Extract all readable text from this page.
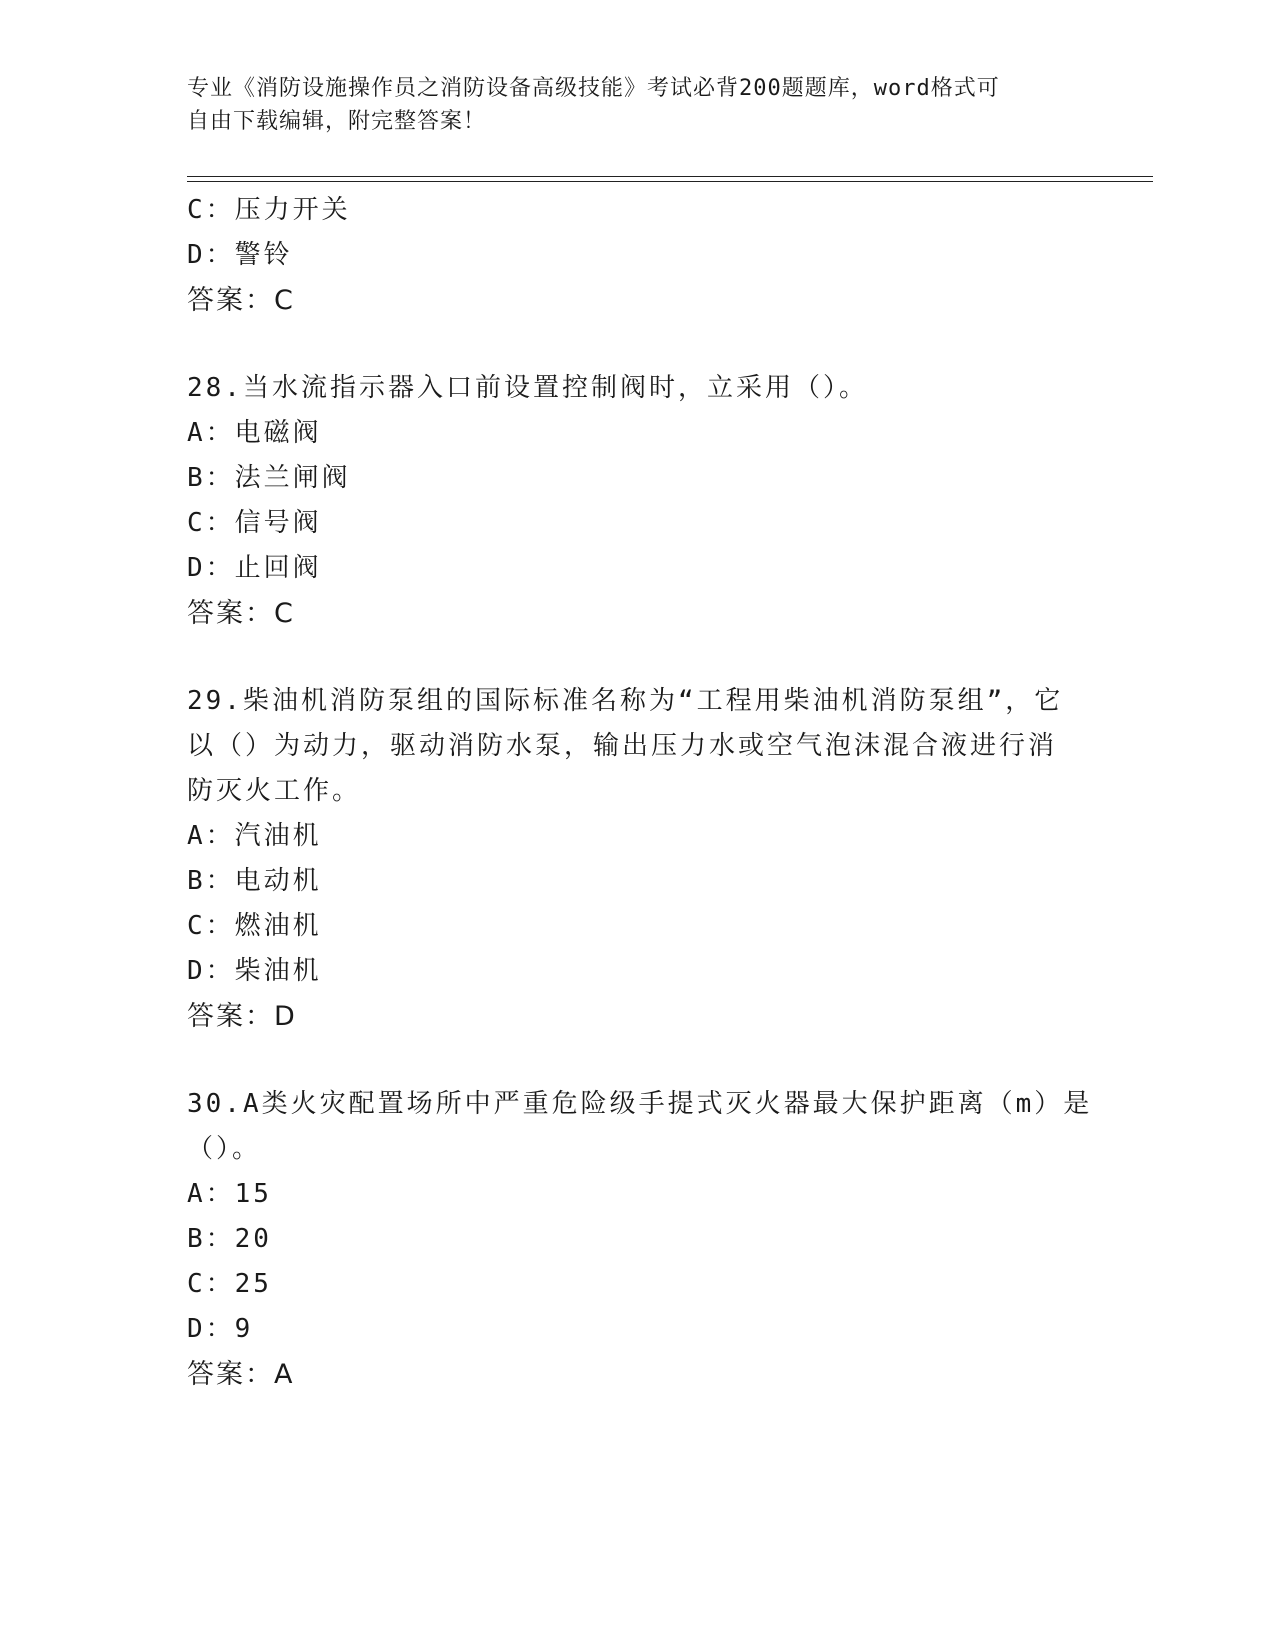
专业《消防设施操作员之消防设备高级技能》考试必背200题题库，word格式可
自由下载编辑，附完整答案！
C：压力开关
D：警铃
答案：C
28.当水流指示器入口前设置控制阀时，立采用（）。
A：电磁阀
B：法兰闸阀
C：信号阀
D：止回阀
答案：C
29.柴油机消防泵组的国际标准名称为“工程用柴油机消防泵组”，它
以（）为动力，驱动消防水泵，输出压力水或空气泡沫混合液进行消
防灭火工作。
A：汽油机
B：电动机
C：燃油机
D：柴油机
答案：D
30.A类火灾配置场所中严重危险级手提式灭火器最大保护距离（m）是
（）。
A：15
B：20
C：25
D：9
答案：A
